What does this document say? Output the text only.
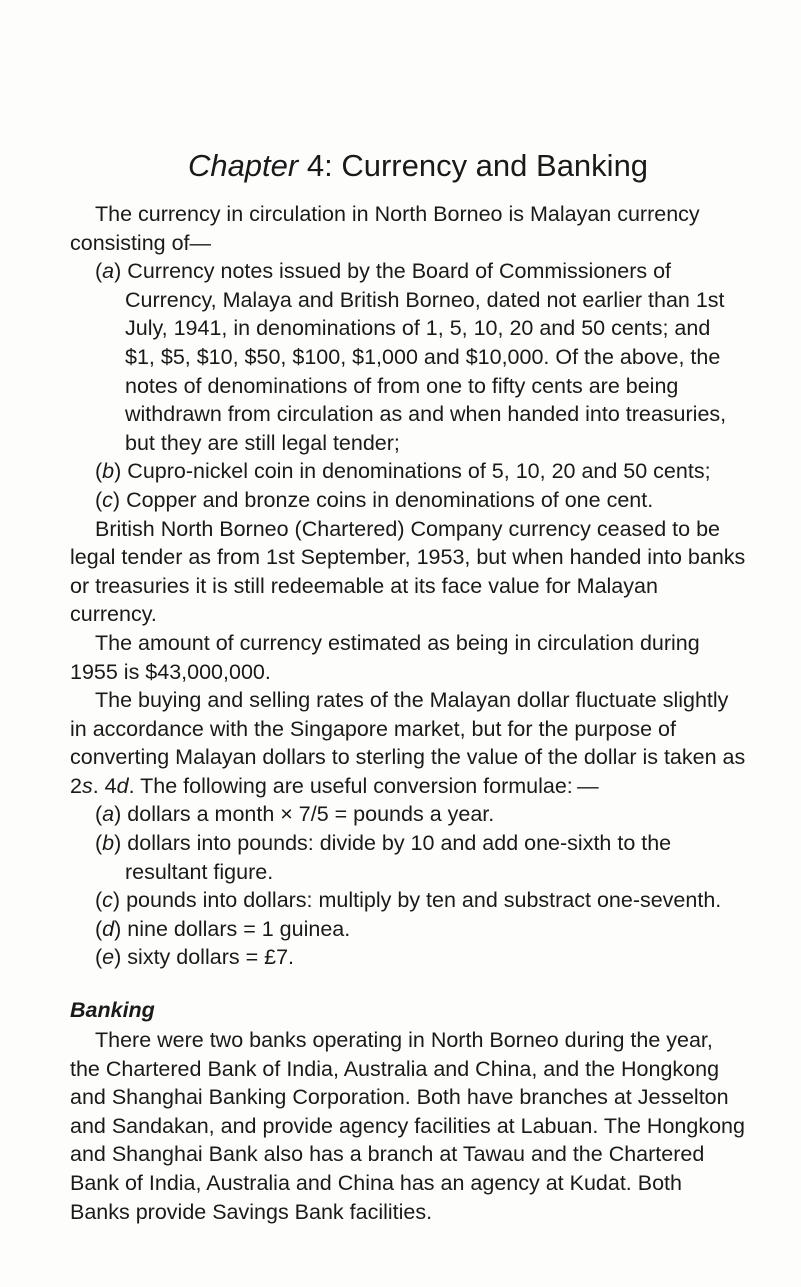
Chapter 4: Currency and Banking

The currency in circulation in North Borneo is Malayan currency consisting of—

(a) Currency notes issued by the Board of Commissioners of Currency, Malaya and British Borneo, dated not earlier than 1st July, 1941, in denominations of 1, 5, 10, 20 and 50 cents; and $1, $5, $10, $50, $100, $1,000 and $10,000. Of the above, the notes of denominations of from one to fifty cents are being withdrawn from circulation as and when handed into treasuries, but they are still legal tender;

(b) Cupro-nickel coin in denominations of 5, 10, 20 and 50 cents;

(c) Copper and bronze coins in denominations of one cent.

British North Borneo (Chartered) Company currency ceased to be legal tender as from 1st September, 1953, but when handed into banks or treasuries it is still redeemable at its face value for Malayan currency.

The amount of currency estimated as being in circulation during 1955 is $43,000,000.

The buying and selling rates of the Malayan dollar fluctuate slightly in accordance with the Singapore market, but for the purpose of converting Malayan dollars to sterling the value of the dollar is taken as 2s. 4d. The following are useful conversion formulae: —

(a) dollars a month × 7/5 = pounds a year.

(b) dollars into pounds: divide by 10 and add one-sixth to the resultant figure.

(c) pounds into dollars: multiply by ten and substract one-seventh.

(d) nine dollars = 1 guinea.

(e) sixty dollars = £7.

Banking

There were two banks operating in North Borneo during the year, the Chartered Bank of India, Australia and China, and the Hongkong and Shanghai Banking Corporation. Both have branches at Jesselton and Sandakan, and provide agency facilities at Labuan. The Hongkong and Shanghai Bank also has a branch at Tawau and the Chartered Bank of India, Australia and China has an agency at Kudat. Both Banks provide Savings Bank facilities.
